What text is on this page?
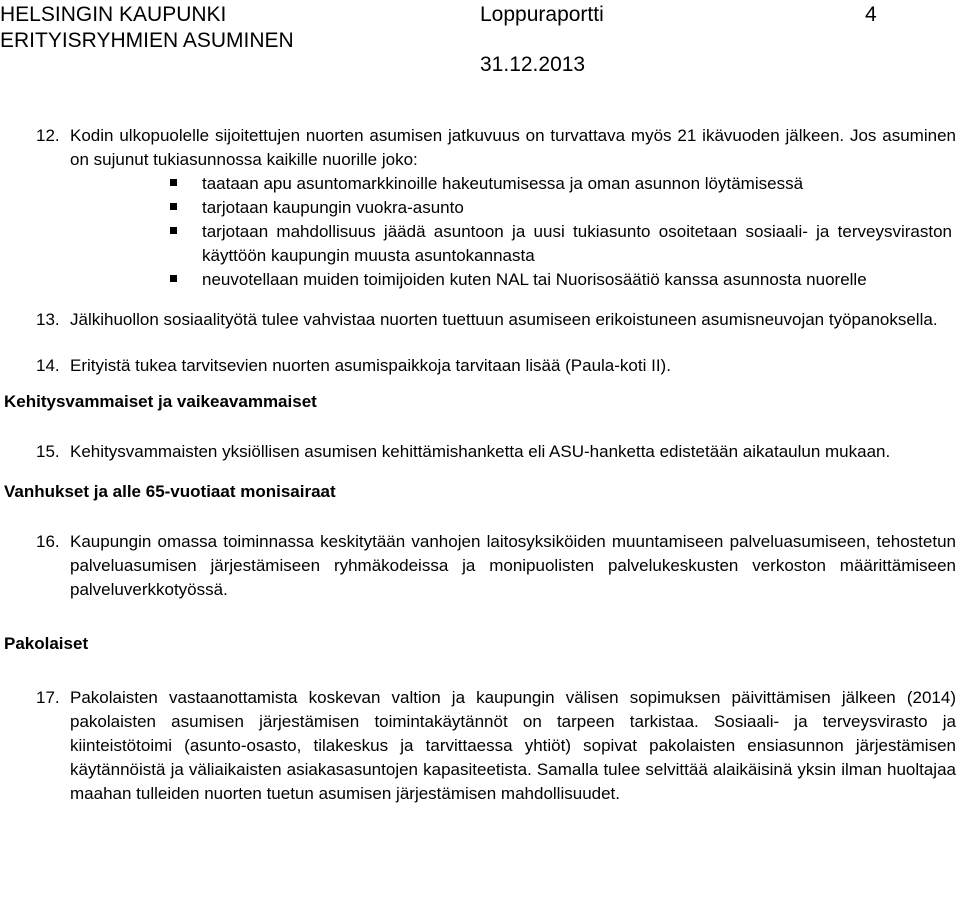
HELSINGIN KAUPUNKI
ERITYISRYHMIEN ASUMINEN
Loppuraportti
31.12.2013
4
12. Kodin ulkopuolelle sijoitettujen nuorten asumisen jatkuvuus on turvattava myös 21 ikävuoden jälkeen. Jos asuminen on sujunut tukiasunnossa kaikille nuorille joko:
taataan apu asuntomarkkinoille hakeutumisessa ja oman asunnon löytämisessä
tarjotaan kaupungin vuokra-asunto
tarjotaan mahdollisuus jäädä asuntoon ja uusi tukiasunto osoitetaan sosiaali- ja terveysviraston käyttöön kaupungin muusta asuntokannasta
neuvotellaan muiden toimijoiden kuten NAL tai Nuorisosäätiö kanssa asunnosta nuorelle
13. Jälkihuollon sosiaalityötä tulee vahvistaa nuorten tuettuun asumiseen erikoistuneen asumisneuvojan työpanoksella.
14. Erityistä tukea tarvitsevien nuorten asumispaikkoja tarvitaan lisää (Paula-koti II).

Kehitysvammaiset ja vaikeavammaiset

15. Kehitysvammaisten yksiöllisen asumisen kehittämishanketta eli ASU-hanketta edistetään aikataulun mukaan.

Vanhukset ja alle 65-vuotiaat monisairaat

16. Kaupungin omassa toiminnassa keskitytään vanhojen laitosyksiköiden muuntamiseen palveluasumiseen, tehostetun palveluasumisen järjestämiseen ryhmäkodeissa ja monipuolisten palvelukeskusten verkoston määrittämiseen palveluverkkotyössä.

Pakolaiset

17. Pakolaisten vastaanottamista koskevan valtion ja kaupungin välisen sopimuksen päivittämisen jälkeen (2014) pakolaisten asumisen järjestämisen toimintakäytännöt on tarpeen tarkistaa. Sosiaali- ja terveysvirasto ja kiinteistötoimi (asunto-osasto, tilakeskus ja tarvittaessa yhtiöt) sopivat pakolaisten ensiasunnon järjestämisen käytännöistä ja väliaikaisten asiakasasuntojen kapasiteetista. Samalla tulee selvittää alaikäisinä yksin ilman huoltajaa maahan tulleiden nuorten tuetun asumisen järjestämisen mahdollisuudet.
